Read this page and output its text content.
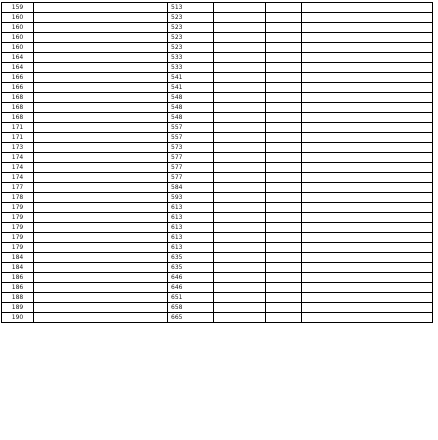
159		513			
160		523			
160		523			
160		523			
160		523			
164		533			
164		533			
166		541			
166		541			
168		548			
168		548			
168		548			
171		557			
171		557			
173		573			
174		577			
174		577			
174		577			
177		584			
178		593			
179		613			
179		613			
179		613			
179		613			
179		613			
184		635			
184		635			
186		646			
186		646			
188		651			
189		658			
190		665			
